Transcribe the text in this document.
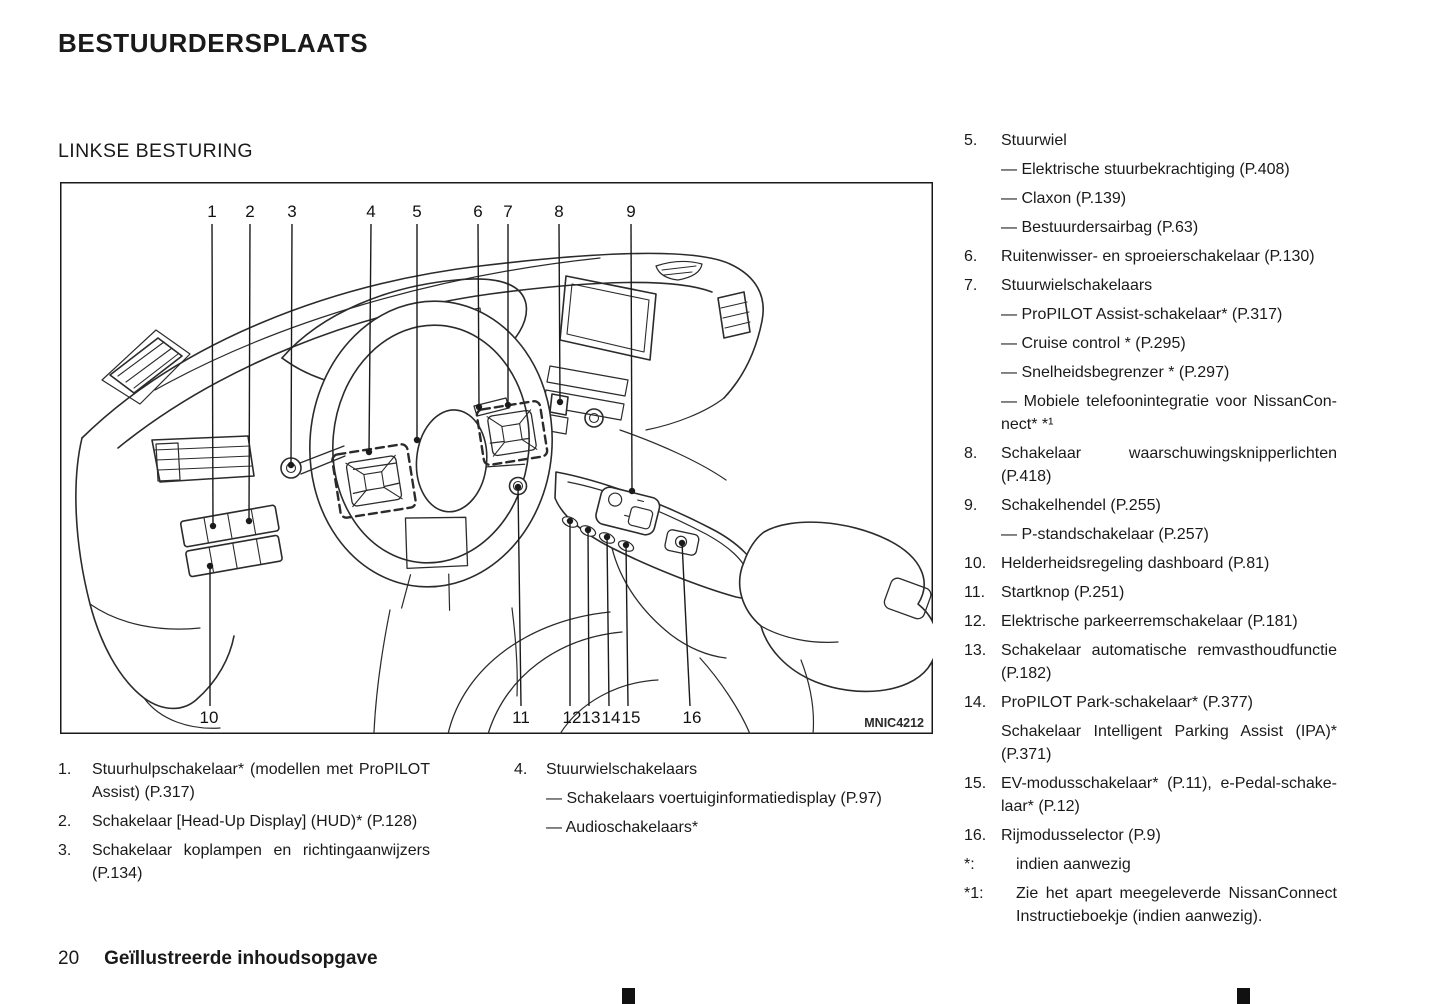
BESTUURDERSPLAATS
LINKSE BESTURING
1 2 3	4 5	6 7 8	9
10	11 12 13 14 15 16	MNIC4212
1.	Stuurhulpschakelaar* (modellen met ProPILOT Assist) (P.317)
2.	Schakelaar [Head-Up Display] (HUD)* (P.128)
3.	Schakelaar koplampen en richtingaanwijzers (P.134)
4.	Stuurwielschakelaars
— Schakelaars voertuiginformatiedisplay (P.97)
— Audioschakelaars*
5.	Stuurwiel
— Elektrische stuurbekrachtiging (P.408)
— Claxon (P.139)
— Bestuurdersairbag (P.63)
6.	Ruitenwisser- en sproeierschakelaar (P.130)
7.	Stuurwielschakelaars
— ProPILOT Assist-schakelaar* (P.317)
— Cruise control * (P.295)
— Snelheidsbegrenzer * (P.297)
— Mobiele telefoonintegratie voor NissanConnect* *¹
8.	Schakelaar waarschuwingsknipperlichten (P.418)
9.	Schakelhendel (P.255)
— P-standschakelaar (P.257)
10. Helderheidsregeling dashboard (P.81)
11. Startknop (P.251)
12. Elektrische parkeerremschakelaar (P.181)
13. Schakelaar automatische remvasthoudfunctie (P.182)
14. ProPILOT Park-schakelaar* (P.377)
Schakelaar Intelligent Parking Assist (IPA)* (P.371)
15. EV-modusschakelaar* (P.11), e-Pedal-schakelaar* (P.12)
16. Rijmodusselector (P.9)
*:	indien aanwezig
*1:	Zie het apart meegeleverde NissanConnect Instructieboekje (indien aanwezig).
20 Geïllustreerde inhoudsopgave
